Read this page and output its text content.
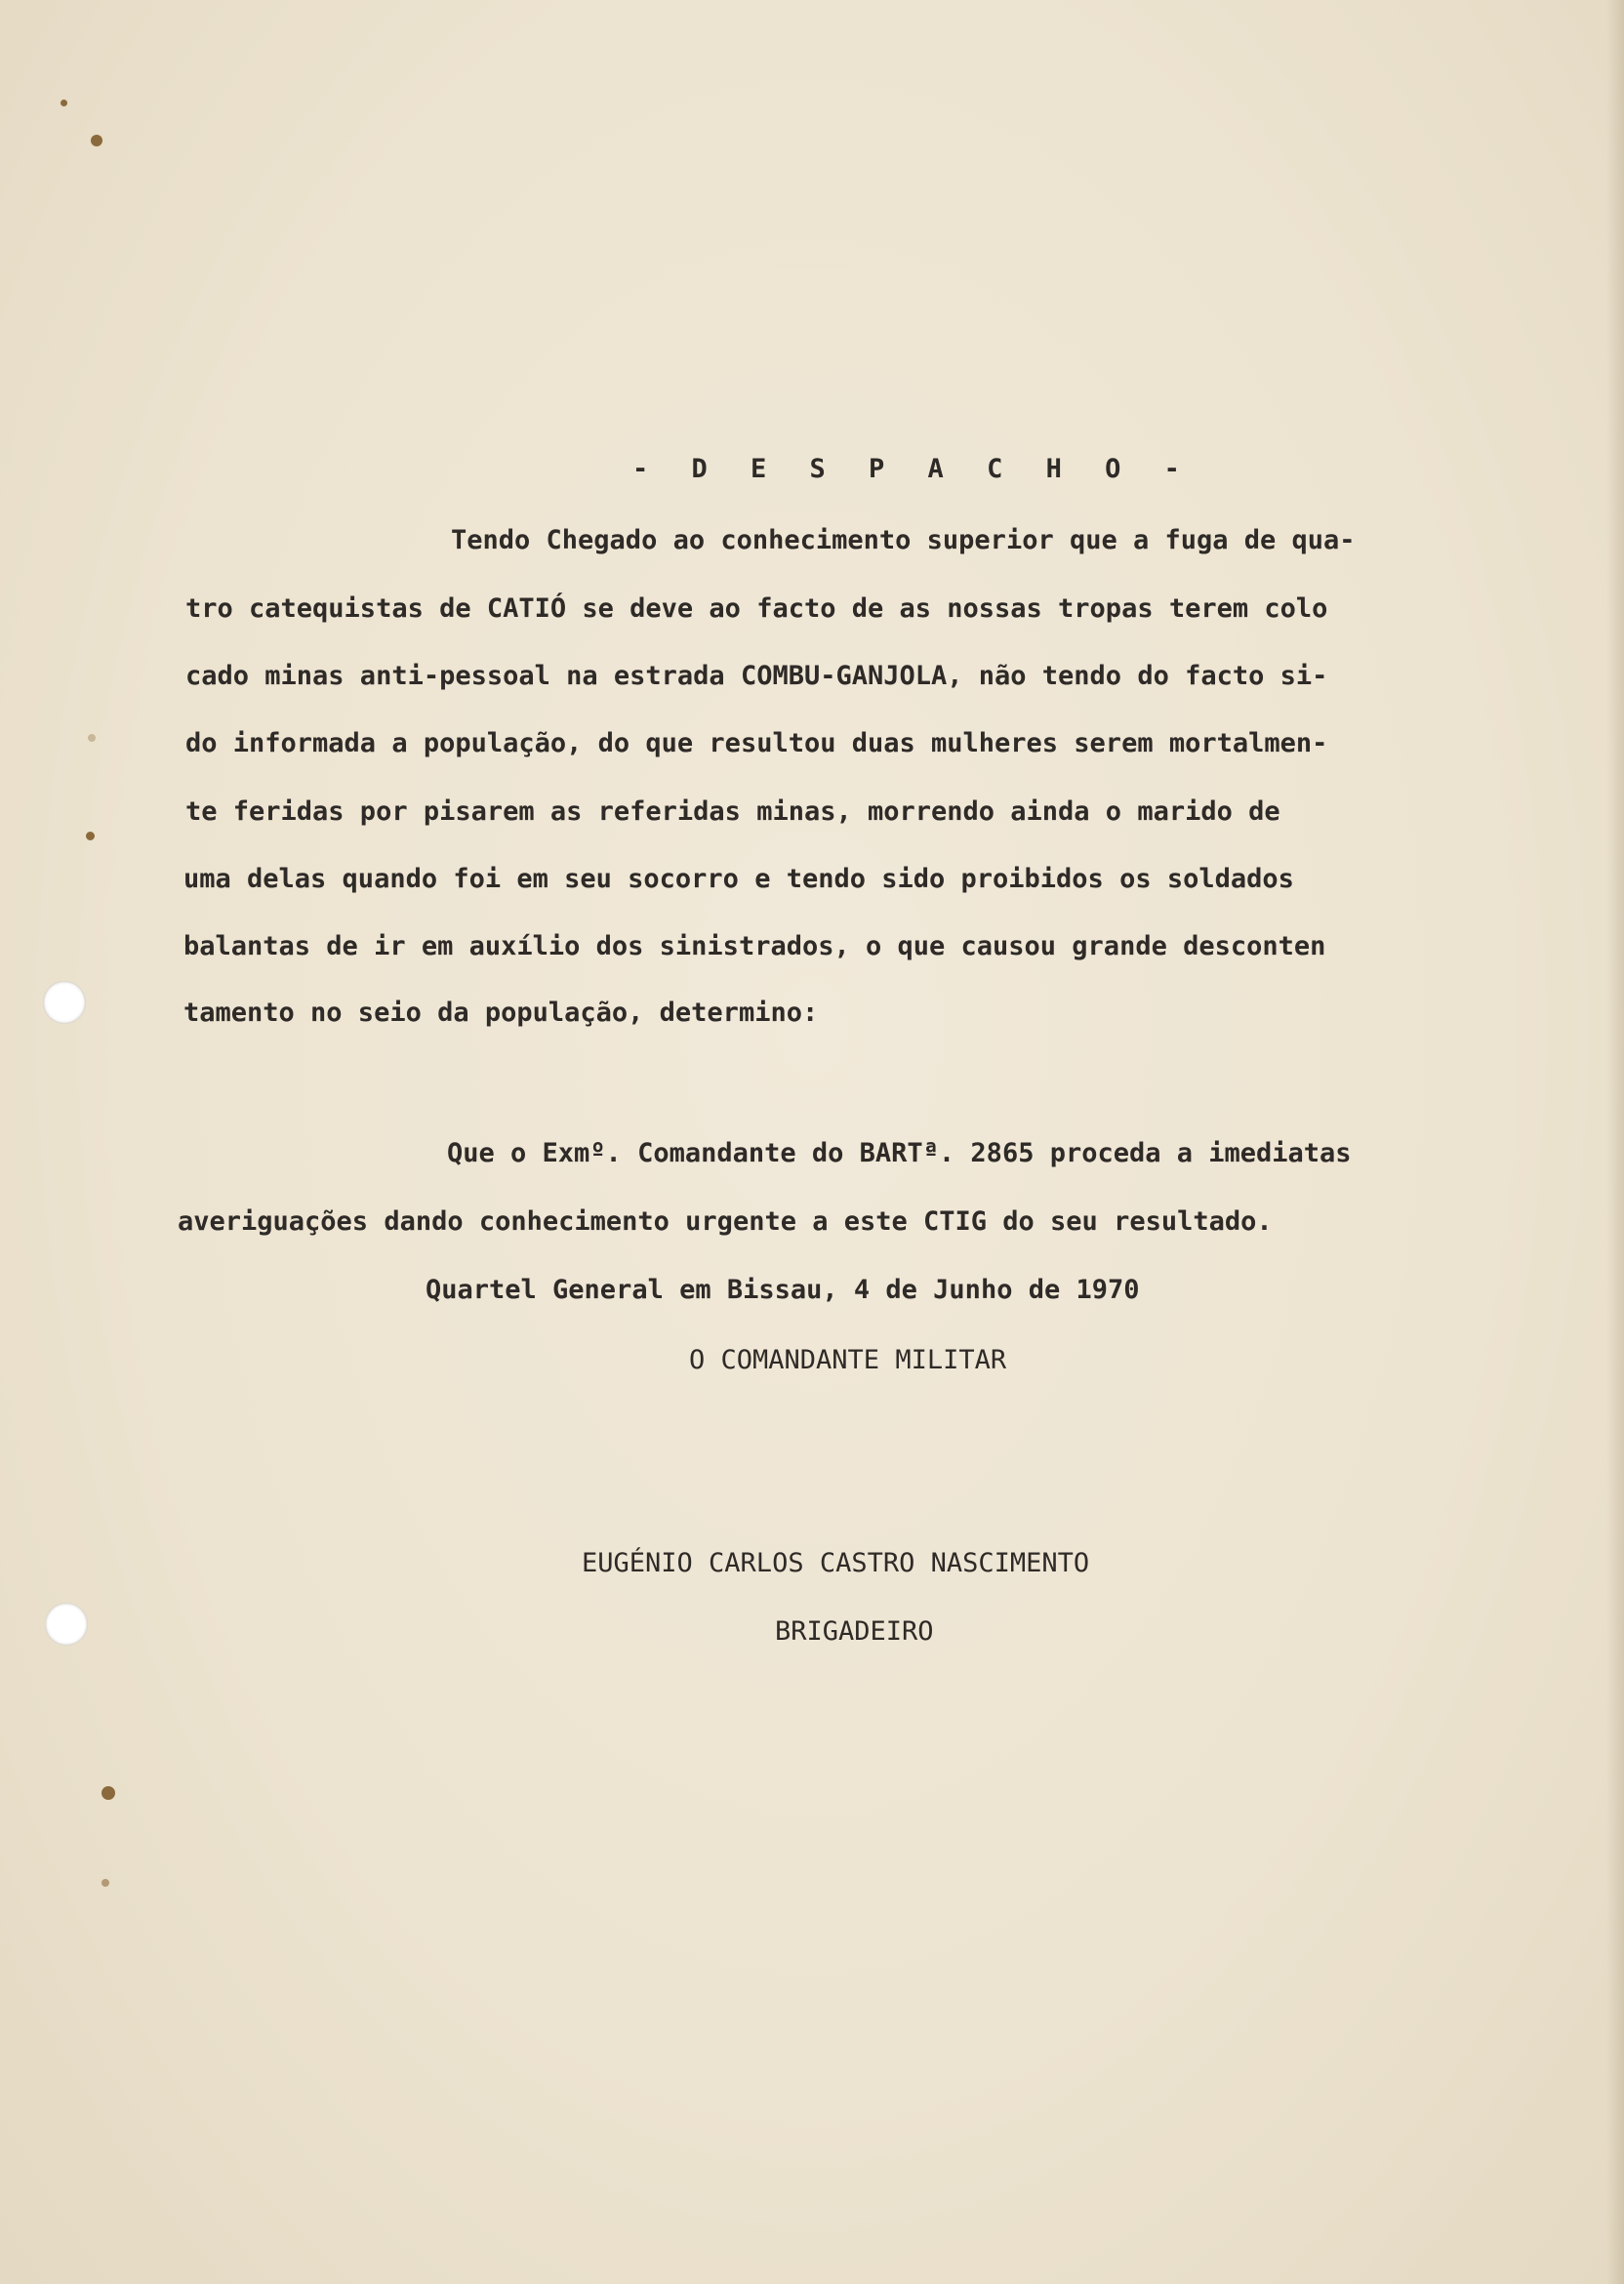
- D E S P A C H O -
Tendo Chegado ao conhecimento superior que a fuga de qua-
tro catequistas de CATIÓ se deve ao facto de as nossas tropas terem colo
cado minas anti-pessoal na estrada COMBU-GANJOLA, não tendo do facto si-
do informada a população, do que resultou duas mulheres serem mortalmen-
te feridas por pisarem as referidas minas, morrendo ainda o marido de
uma delas quando foi em seu socorro e tendo sido proibidos os soldados
balantas de ir em auxílio dos sinistrados, o que causou grande desconten
tamento no seio da população, determino:
Que o Exmº. Comandante do BARTª. 2865 proceda a imediatas
averiguações dando conhecimento urgente a este CTIG do seu resultado.
Quartel General em Bissau, 4 de Junho de 1970
O COMANDANTE MILITAR
EUGÉNIO CARLOS CASTRO NASCIMENTO
BRIGADEIRO
